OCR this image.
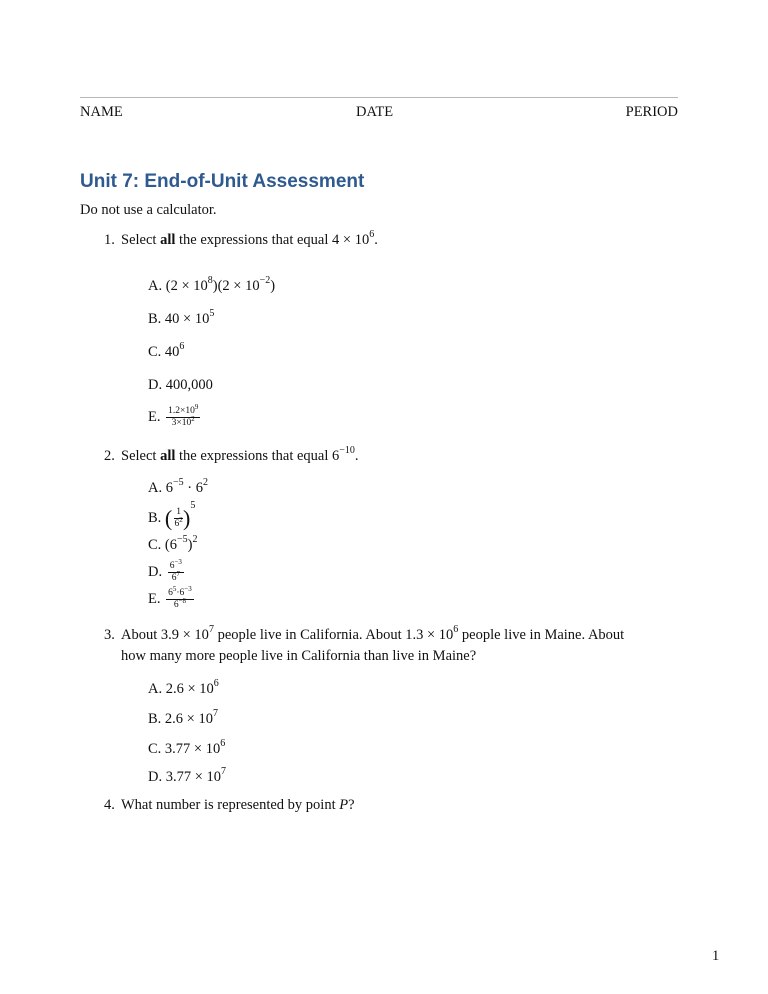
NAME	DATE	PERIOD
Unit 7: End-of-Unit Assessment
Do not use a calculator.
1. Select all the expressions that equal $4 \times 10^6$.
A. $(2 \times 10^8)(2 \times 10^{-2})$
B. $40 \times 10^5$
C. $40^6$
D. 400,000
E. $\frac{1.2\times 10^9}{3\times 10^2}$
2. Select all the expressions that equal $6^{-10}$.
A. $6^{-5} \cdot 6^2$
B. ( $\frac{1}{6^2} )^5$
C. $(6^{-5})^2$
D. $\frac{6^{-3}}{6^7}$
E. $\frac{6^5\cdot 6^{-3}}{6^{-8}}$
3. About $3.9 \times 10^7$ people live in California. About $1.3 \times 10^6$ people live in Maine. About
how many more people live in California than live in Maine?
A. $2.6 \times 10^6$
B. $2.6 \times 10^7$
C. $3.77 \times 10^6$
D. $3.77 \times 10^7$
4. What number is represented by point P?
1
